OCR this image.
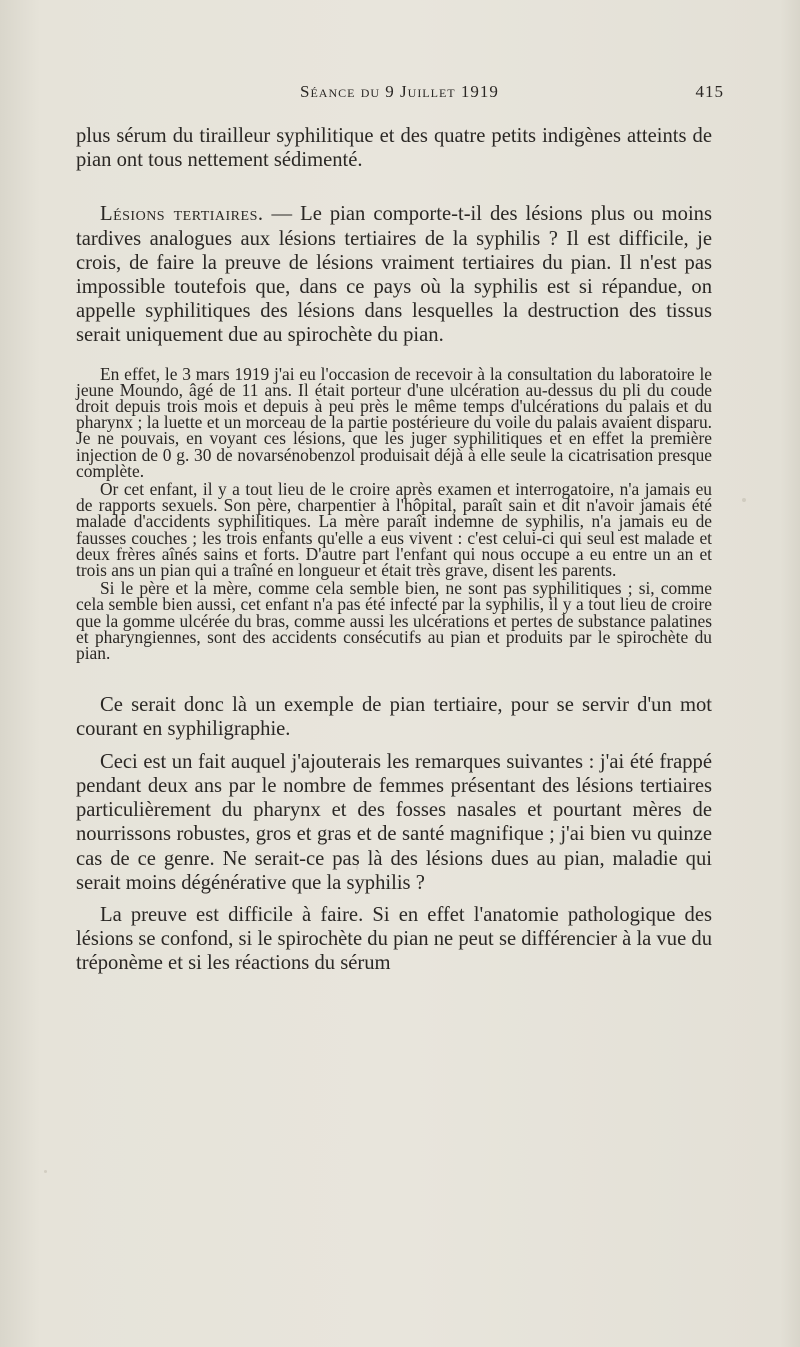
Séance du 9 Juillet 1919	415

plus sérum du tirailleur syphilitique et des quatre petits indigènes atteints de pian ont tous nettement sédimenté.

Lésions tertiaires. — Le pian comporte-t-il des lésions plus ou moins tardives analogues aux lésions tertiaires de la syphilis ? Il est difficile, je crois, de faire la preuve de lésions vraiment tertiaires du pian. Il n'est pas impossible toutefois que, dans ce pays où la syphilis est si répandue, on appelle syphilitiques des lésions dans lesquelles la destruction des tissus serait uniquement due au spirochète du pian.

En effet, le 3 mars 1919 j'ai eu l'occasion de recevoir à la consultation du laboratoire le jeune Moundo, âgé de 11 ans. Il était porteur d'une ulcération au-dessus du pli du coude droit depuis trois mois et depuis à peu près le même temps d'ulcérations du palais et du pharynx ; la luette et un morceau de la partie postérieure du voile du palais avaient disparu. Je ne pouvais, en voyant ces lésions, que les juger syphilitiques et en effet la première injection de 0 g. 30 de novarsénobenzol produisait déjà à elle seule la cicatrisation presque complète.

Or cet enfant, il y a tout lieu de le croire après examen et interrogatoire, n'a jamais eu de rapports sexuels. Son père, charpentier à l'hôpital, paraît sain et dit n'avoir jamais été malade d'accidents syphilitiques. La mère paraît indemne de syphilis, n'a jamais eu de fausses couches ; les trois enfants qu'elle a eus vivent : c'est celui-ci qui seul est malade et deux frères aînés sains et forts. D'autre part l'enfant qui nous occupe a eu entre un an et trois ans un pian qui a traîné en longueur et était très grave, disent les parents.

Si le père et la mère, comme cela semble bien, ne sont pas syphilitiques ; si, comme cela semble bien aussi, cet enfant n'a pas été infecté par la syphilis, il y a tout lieu de croire que la gomme ulcérée du bras, comme aussi les ulcérations et pertes de substance palatines et pharyngiennes, sont des accidents consécutifs au pian et produits par le spirochète du pian.

Ce serait donc là un exemple de pian tertiaire, pour se servir d'un mot courant en syphiligraphie.

Ceci est un fait auquel j'ajouterais les remarques suivantes : j'ai été frappé pendant deux ans par le nombre de femmes présentant des lésions tertiaires particulièrement du pharynx et des fosses nasales et pourtant mères de nourrissons robustes, gros et gras et de santé magnifique ; j'ai bien vu quinze cas de ce genre. Ne serait-ce pas là des lésions dues au pian, maladie qui serait moins dégénérative que la syphilis ?

La preuve est difficile à faire. Si en effet l'anatomie pathologique des lésions se confond, si le spirochète du pian ne peut se différencier à la vue du tréponème et si les réactions du sérum
